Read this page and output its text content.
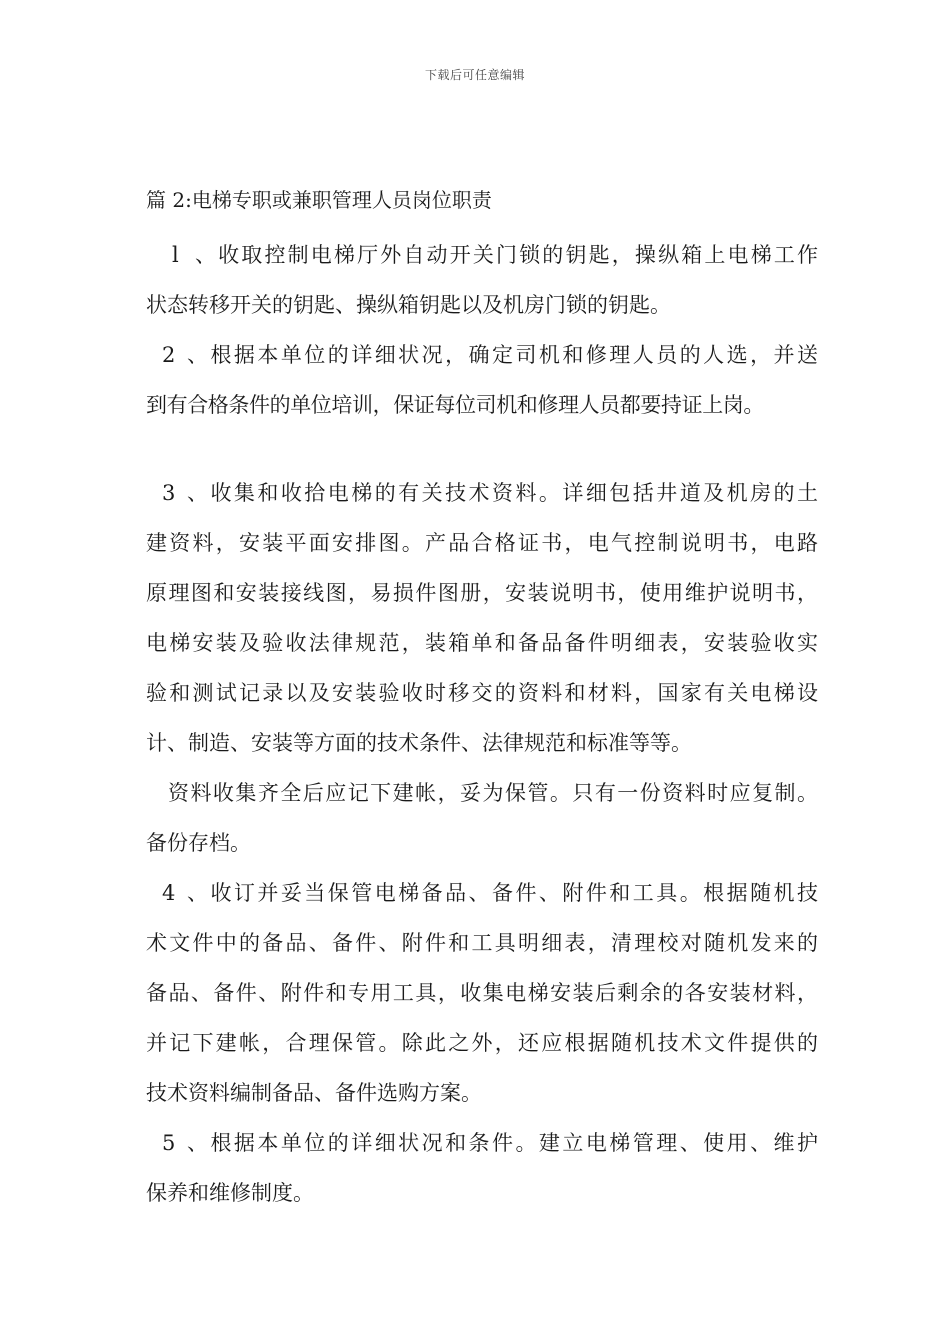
下载后可任意编辑
篇 2:电梯专职或兼职管理人员岗位职责
l、收取控制电梯厅外自动开关门锁的钥匙，操纵箱上电梯工作
状态转移开关的钥匙、操纵箱钥匙以及机房门锁的钥匙。
2、根据本单位的详细状况，确定司机和修理人员的人选，并送
到有合格条件的单位培训，保证每位司机和修理人员都要持证上岗。
3、收集和收拾电梯的有关技术资料。详细包括井道及机房的土
建资料，安装平面安排图。产品合格证书，电气控制说明书，电路
原理图和安装接线图，易损件图册，安装说明书，使用维护说明书，
电梯安装及验收法律规范，装箱单和备品备件明细表，安装验收实
验和测试记录以及安装验收时移交的资料和材料，国家有关电梯设
计、制造、安装等方面的技术条件、法律规范和标准等等。
资料收集齐全后应记下建帐，妥为保管。只有一份资料时应复制。
备份存档。
4、收订并妥当保管电梯备品、备件、附件和工具。根据随机技
术文件中的备品、备件、附件和工具明细表，清理校对随机发来的
备品、备件、附件和专用工具，收集电梯安装后剩余的各安装材料，
并记下建帐，合理保管。除此之外，还应根据随机技术文件提供的
技术资料编制备品、备件选购方案。
5、根据本单位的详细状况和条件。建立电梯管理、使用、维护
保养和维修制度。
